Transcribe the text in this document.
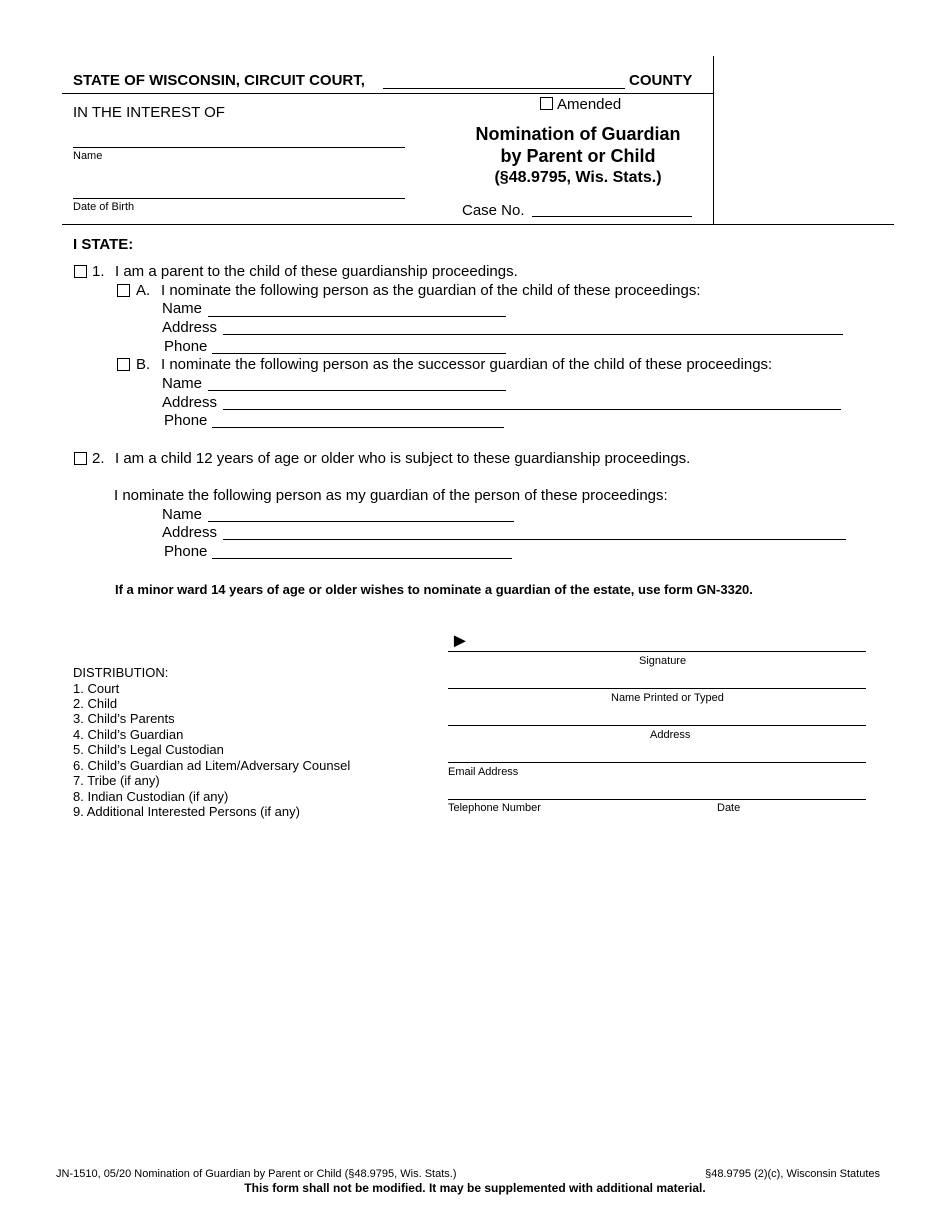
STATE OF WISCONSIN, CIRCUIT COURT,	COUNTY
IN THE INTEREST OF
Name
Date of Birth
Amended
Nomination of Guardian
by Parent or Child
(§48.9795, Wis. Stats.)
Case No.
I STATE:
1. I am a parent to the child of these guardianship proceedings.
A. I nominate the following person as the guardian of the child of these proceedings:
Name
Address
Phone
B. I nominate the following person as the successor guardian of the child of these proceedings:
Name
Address
Phone
2. I am a child 12 years of age or older who is subject to these guardianship proceedings.
I nominate the following person as my guardian of the person of these proceedings:
Name
Address
Phone
If a minor ward 14 years of age or older wishes to nominate a guardian of the estate, use form GN-3320.
DISTRIBUTION:
1. Court
2. Child
3. Child’s Parents
4. Child’s Guardian
5. Child’s Legal Custodian
6. Child’s Guardian ad Litem/Adversary Counsel
7. Tribe (if any)
8. Indian Custodian (if any)
9. Additional Interested Persons (if any)
►
Signature
Name Printed or Typed
Address
Email Address
Telephone Number	Date
JN-1510, 05/20 Nomination of Guardian by Parent or Child (§48.9795, Wis. Stats.)	§48.9795 (2)(c), Wisconsin Statutes
This form shall not be modified. It may be supplemented with additional material.
